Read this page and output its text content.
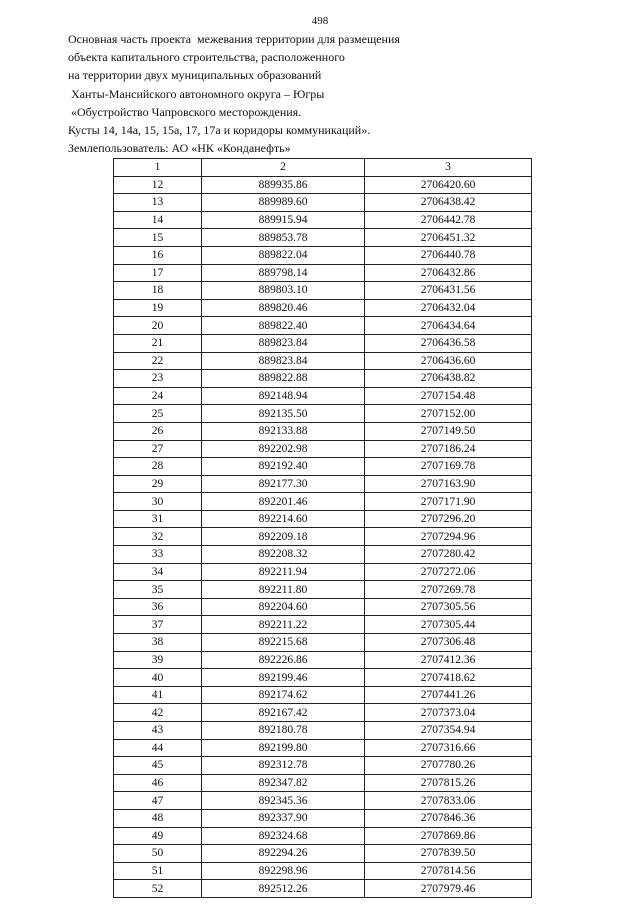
498
Основная часть проекта  межевания территории для размещения
объекта капитального строительства, расположенного
на территории двух муниципальных образований
Ханты-Мансийского автономного округа – Югры
«Обустройство Чапровского месторождения.
Кусты 14, 14а, 15, 15а, 17, 17а и коридоры коммуникаций».
Землепользователь: АО «НК «Конданефть»
1	2	3
12	889935.86	2706420.60
13	889989.60	2706438.42
14	889915.94	2706442.78
15	889853.78	2706451.32
16	889822.04	2706440.78
17	889798.14	2706432.86
18	889803.10	2706431.56
19	889820.46	2706432.04
20	889822.40	2706434.64
21	889823.84	2706436.58
22	889823.84	2706436.60
23	889822.88	2706438.82
24	892148.94	2707154.48
25	892135.50	2707152.00
26	892133.88	2707149.50
27	892202.98	2707186.24
28	892192.40	2707169.78
29	892177.30	2707163.90
30	892201.46	2707171.90
31	892214.60	2707296.20
32	892209.18	2707294.96
33	892208.32	2707280.42
34	892211.94	2707272.06
35	892211.80	2707269.78
36	892204.60	2707305.56
37	892211.22	2707305.44
38	892215.68	2707306.48
39	892226.86	2707412.36
40	892199.46	2707418.62
41	892174.62	2707441.26
42	892167.42	2707373.04
43	892180.78	2707354.94
44	892199.80	2707316.66
45	892312.78	2707780.26
46	892347.82	2707815.26
47	892345.36	2707833.06
48	892337.90	2707846.36
49	892324.68	2707869.86
50	892294.26	2707839.50
51	892298.96	2707814.56
52	892512.26	2707979.46
